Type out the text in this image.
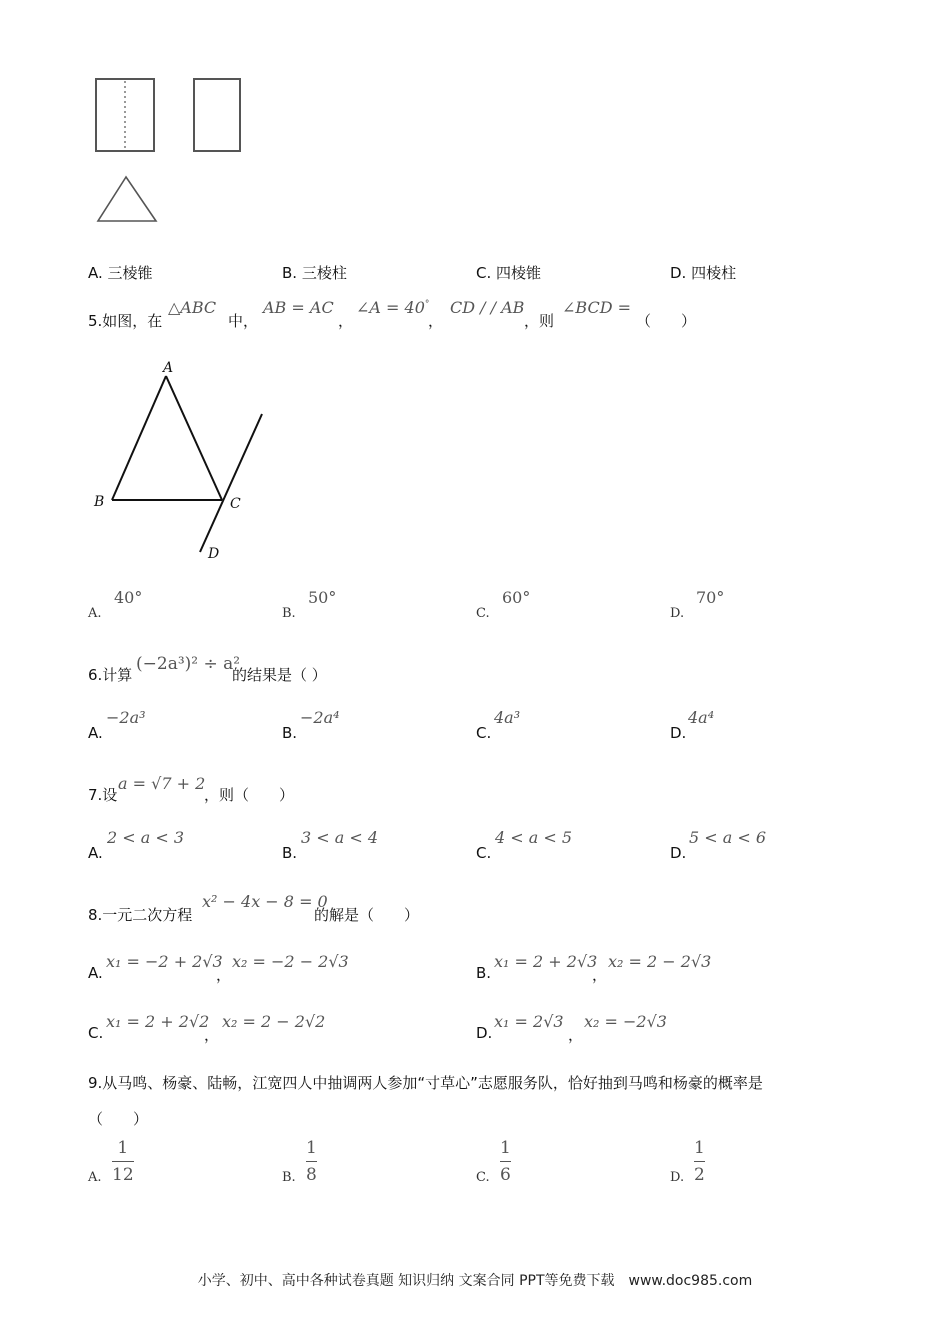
A. 三棱锥	B. 三棱柱	C. 四棱锥	D. 四棱柱
5.如图，在
△ABC
中，
AB = AC
，
∠A = 40°
，
CD / / AB
，则
∠BCD =
（　　）
A
B	C
D
A.
40°
B.
50°
C.
60°
D.
70°
6.计算
(−2a³)² ÷ a²
的结果是（ ）
A.
−2a³
B.
−2a⁴
C.
4a³
D.
4a⁴
7.设
a = √7 + 2
，则（　　）
A.
2 < a < 3
B.
3 < a < 4
C.
4 < a < 5
D.
5 < a < 6
8.一元二次方程
x² − 4x − 8 = 0
的解是（　　）
A.
x₁ = −2 + 2√3
，
x₂ = −2 − 2√3
B.
x₁ = 2 + 2√3
，
x₂ = 2 − 2√3
C.
x₁ = 2 + 2√2
，
x₂ = 2 − 2√2
D.
x₁ = 2√3
，
x₂ = −2√3
9.从马鸣、杨豪、陆畅，江宽四人中抽调两人参加“寸草心”志愿服务队，恰好抽到马鸣和杨豪的概率是
（　　）
A.
1
12	B.
1
8	C.
1
6	D.
1
2
小学、初中、高中各种试卷真题 知识归纳 文案合同 PPT等免费下载　www.doc985.com
